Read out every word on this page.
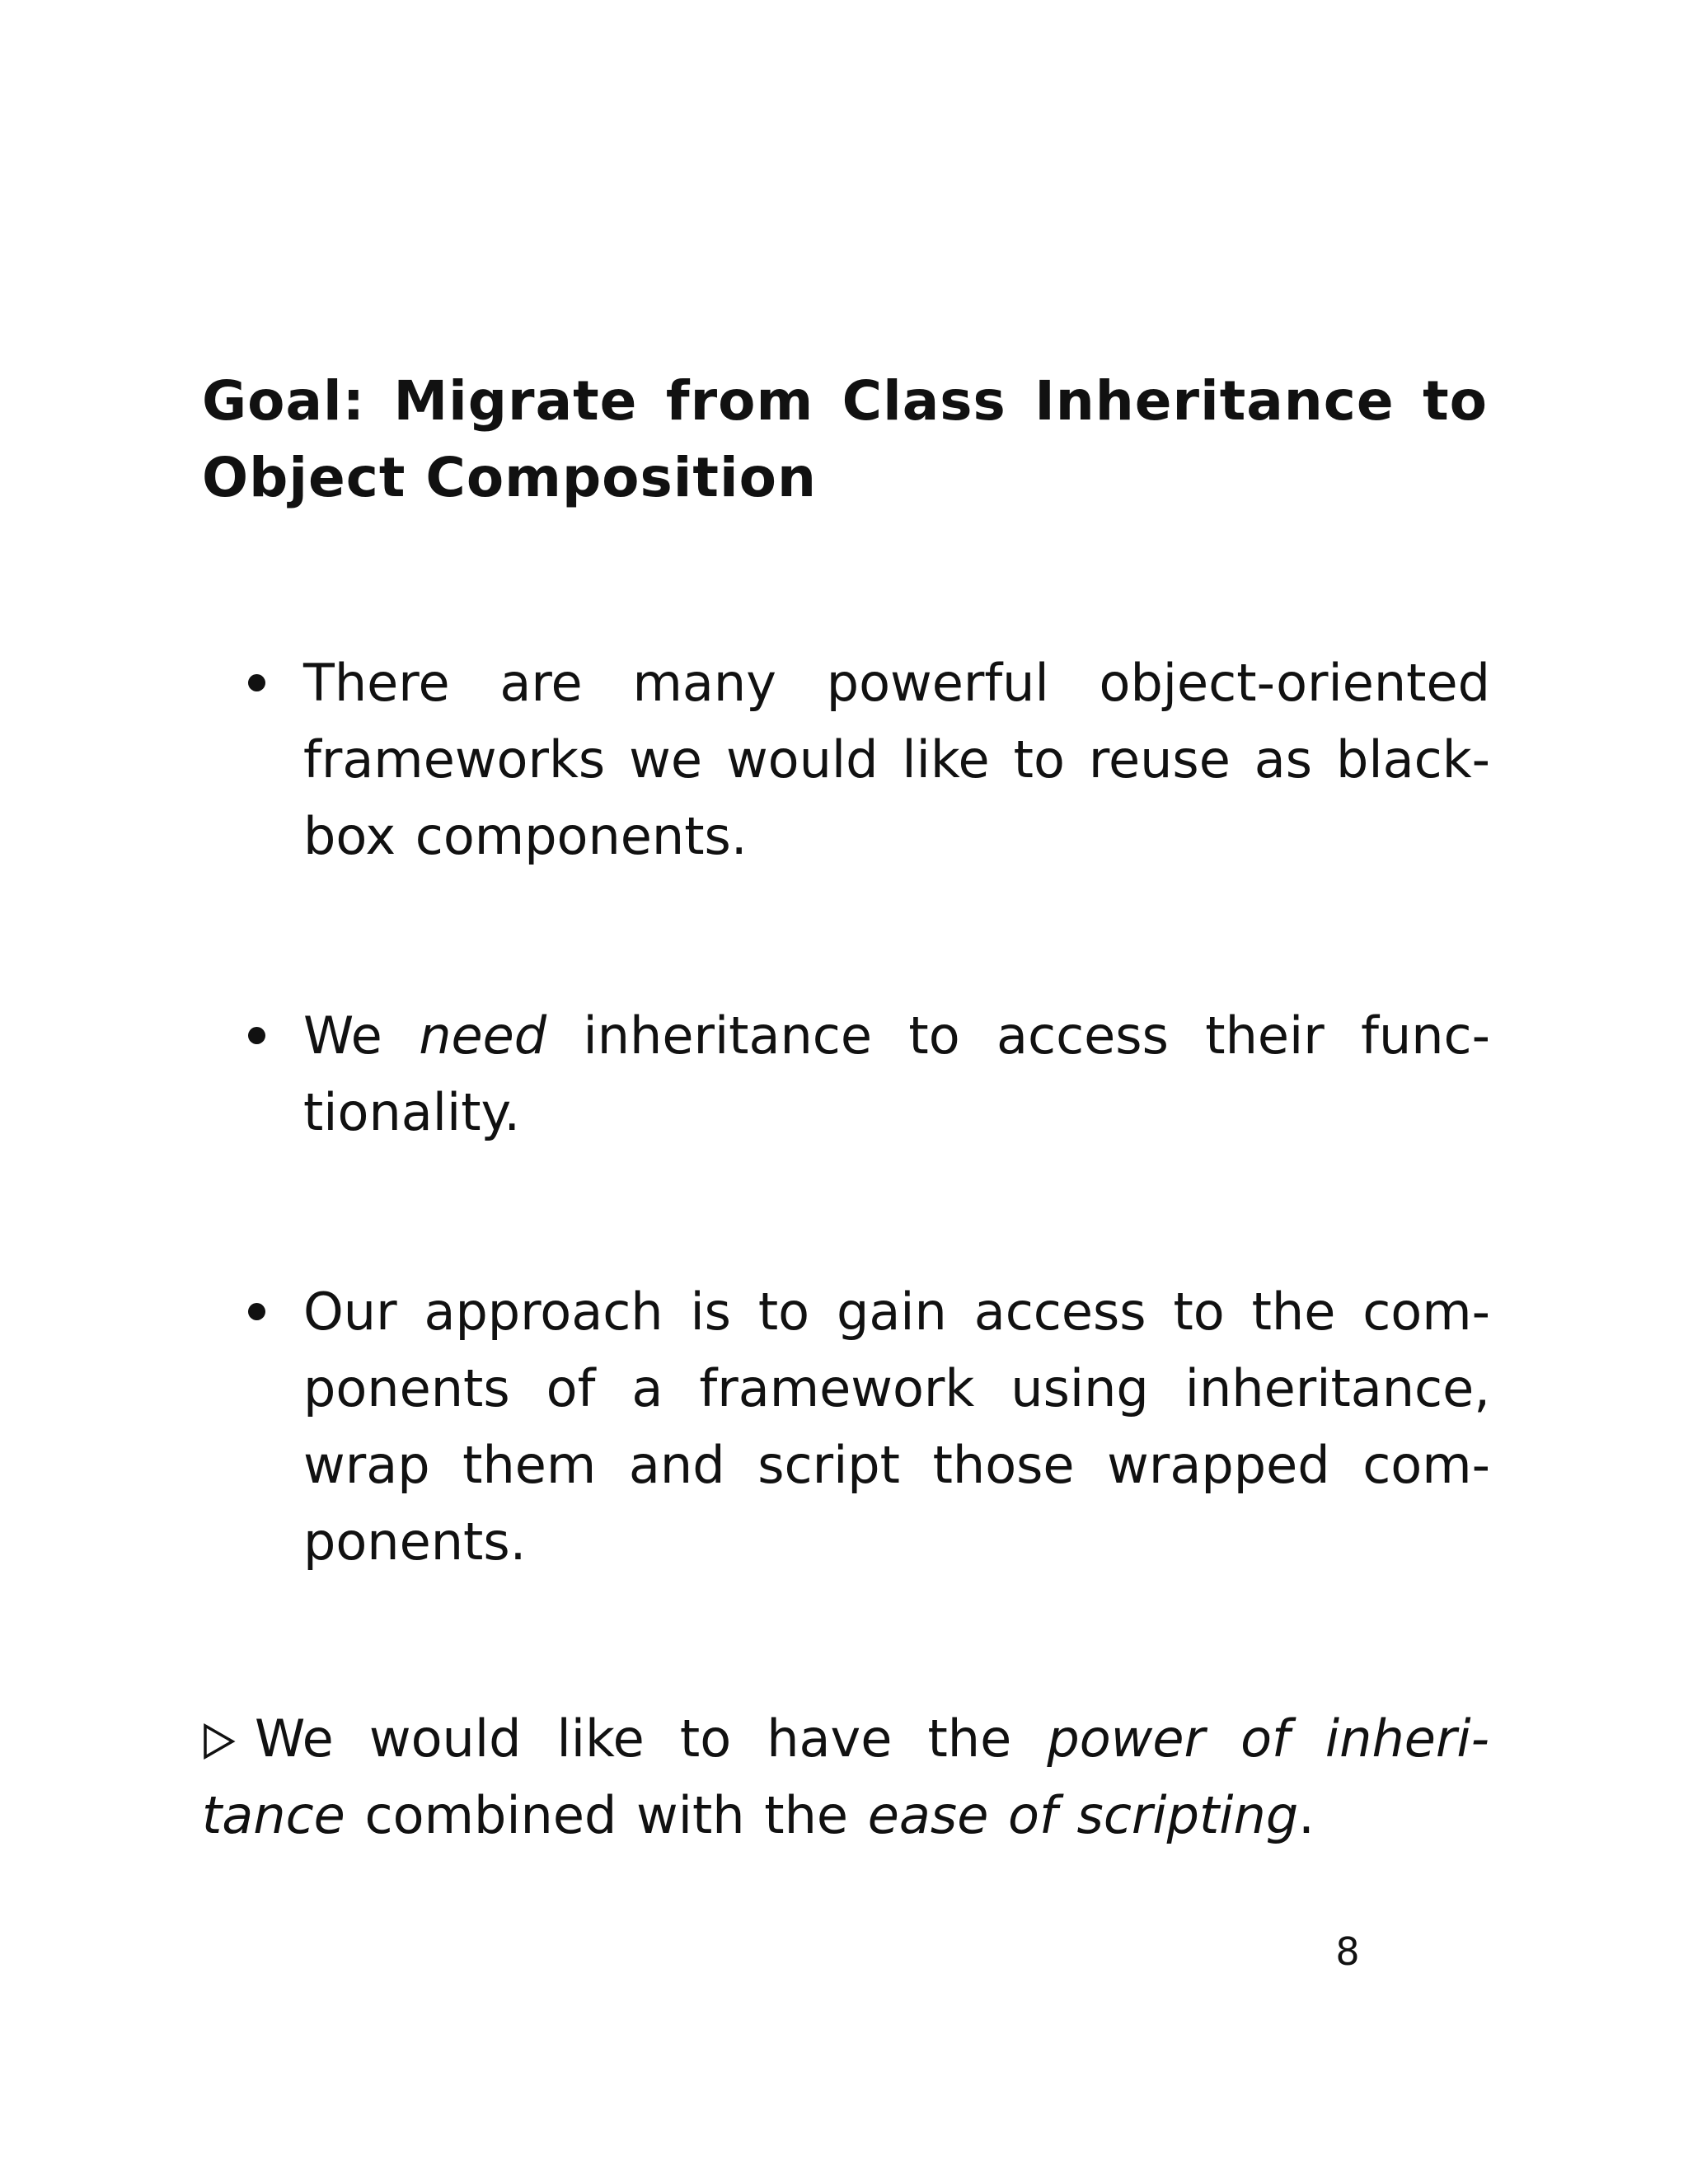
Goal: Migrate from Class Inheritance to
Object Composition
There are many powerful object-oriented
frameworks we would like to reuse as black-
box components.
We need inheritance to access their func-
tionality.
Our approach is to gain access to the com-
ponents of a framework using inheritance,
wrap them and script those wrapped com-
ponents.
We would like to have the power of inheri-
tance combined with the ease of scripting.
8
